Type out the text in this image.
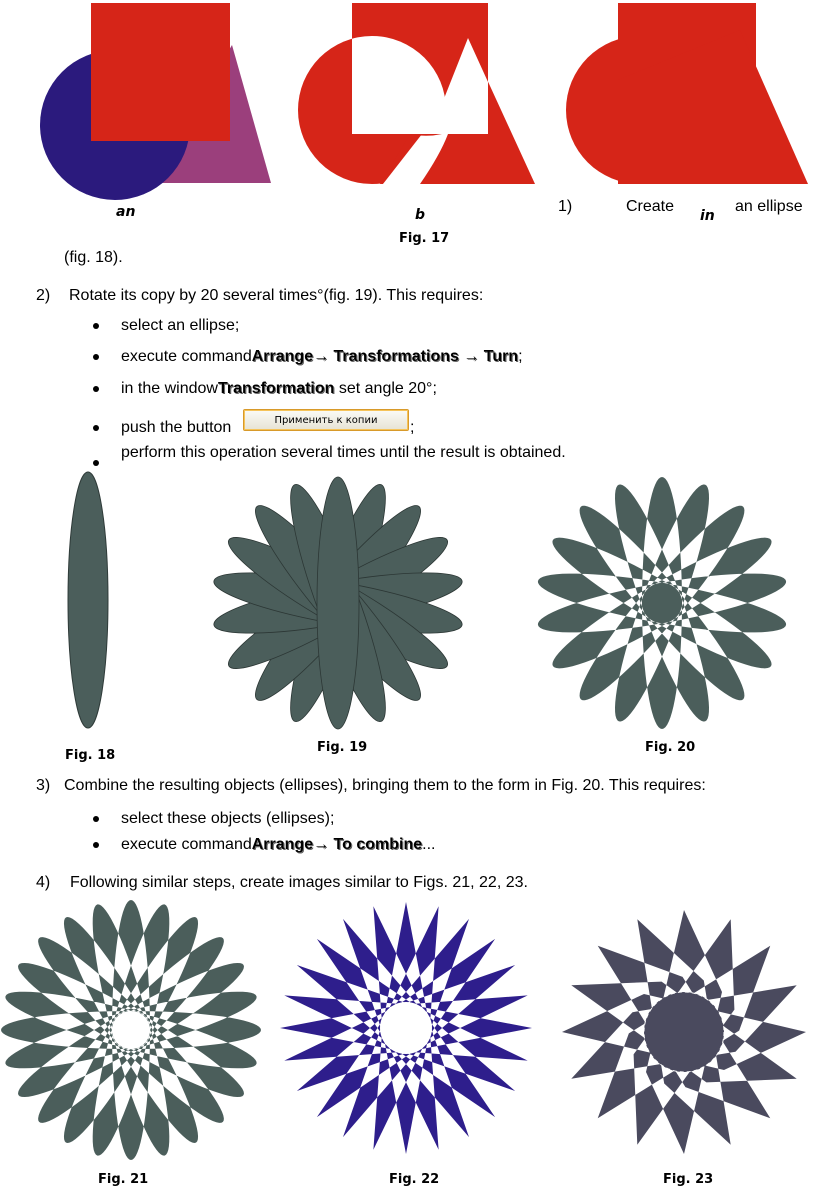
an	b	in
Fig. 17
1)	Create	an ellipse
(fig. 18).
2) Rotate its copy by 20 several times°(fig. 19). This requires:
select an ellipse;
execute commandArrange→ Transformations → Turn;
in the windowTransformation set angle 20°;
push the button	Применить к копии	;
perform this operation several times until the result is obtained.
Fig. 18
Fig. 19	Fig. 20
3) Combine the resulting objects (ellipses), bringing them to the form in Fig. 20. This requires:
select these objects (ellipses);
execute commandArrange→ To combine...
4) Following similar steps, create images similar to Figs. 21, 22, 23.
Fig. 21	Fig. 22	Fig. 23
